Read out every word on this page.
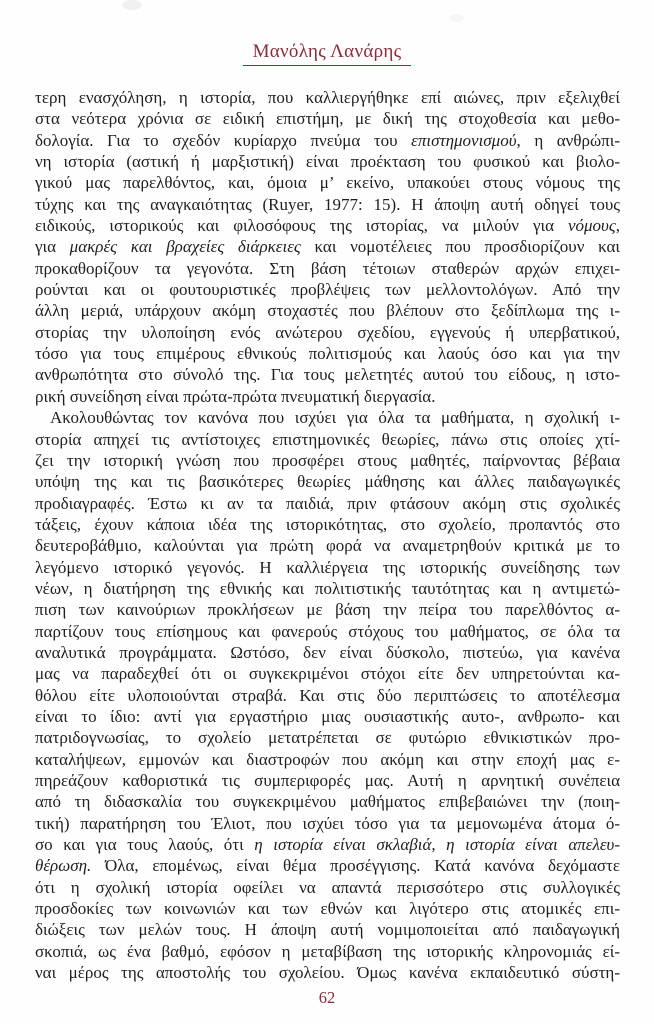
Μανόλης Λανάρης
τερη ενασχόληση, η ιστορία, που καλλιεργήθηκε επί αιώνες, πριν εξελιχθεί
στα νεότερα χρόνια σε ειδική επιστήμη, με δική της στοχοθεσία και μεθο-
δολογία. Για το σχεδόν κυρίαρχο πνεύμα του επιστημονισμού, η ανθρώπι-
νη ιστορία (αστική ή μαρξιστική) είναι προέκταση του φυσικού και βιολο-
γικού μας παρελθόντος, και, όμοια μ’ εκείνο, υπακούει στους νόμους της
τύχης και της αναγκαιότητας (Ruyer, 1977: 15). Η άποψη αυτή οδηγεί τους
ειδικούς, ιστορικούς και φιλοσόφους της ιστορίας, να μιλούν για νόμους,
για μακρές και βραχείες διάρκειες και νομοτέλειες που προσδιορίζουν και
προκαθορίζουν τα γεγονότα. Στη βάση τέτοιων σταθερών αρχών επιχει-
ρούνται και οι φουτουριστικές προβλέψεις των μελλοντολόγων. Από την
άλλη μεριά, υπάρχουν ακόμη στοχαστές που βλέπουν στο ξεδίπλωμα της ι-
στορίας την υλοποίηση ενός ανώτερου σχεδίου, εγγενούς ή υπερβατικού,
τόσο για τους επιμέρους εθνικούς πολιτισμούς και λαούς όσο και για την
ανθρωπότητα στο σύνολό της. Για τους μελετητές αυτού του είδους, η ιστο-
ρική συνείδηση είναι πρώτα-πρώτα πνευματική διεργασία.
Ακολουθώντας τον κανόνα που ισχύει για όλα τα μαθήματα, η σχολική ι-
στορία απηχεί τις αντίστοιχες επιστημονικές θεωρίες, πάνω στις οποίες χτί-
ζει την ιστορική γνώση που προσφέρει στους μαθητές, παίρνοντας βέβαια
υπόψη της και τις βασικότερες θεωρίες μάθησης και άλλες παιδαγωγικές
προδιαγραφές. Έστω κι αν τα παιδιά, πριν φτάσουν ακόμη στις σχολικές
τάξεις, έχουν κάποια ιδέα της ιστορικότητας, στο σχολείο, προπαντός στο
δευτεροβάθμιο, καλούνται για πρώτη φορά να αναμετρηθούν κριτικά με το
λεγόμενο ιστορικό γεγονός. Η καλλιέργεια της ιστορικής συνείδησης των
νέων, η διατήρηση της εθνικής και πολιτιστικής ταυτότητας και η αντιμετώ-
πιση των καινούριων προκλήσεων με βάση την πείρα του παρελθόντος α-
παρτίζουν τους επίσημους και φανερούς στόχους του μαθήματος, σε όλα τα
αναλυτικά προγράμματα. Ωστόσο, δεν είναι δύσκολο, πιστεύω, για κανένα
μας να παραδεχθεί ότι οι συγκεκριμένοι στόχοι είτε δεν υπηρετούνται κα-
θόλου είτε υλοποιούνται στραβά. Και στις δύο περιπτώσεις το αποτέλεσμα
είναι το ίδιο: αντί για εργαστήριο μιας ουσιαστικής αυτο-, ανθρωπο- και
πατριδογνωσίας, το σχολείο μετατρέπεται σε φυτώριο εθνικιστικών προ-
καταλήψεων, εμμονών και διαστροφών που ακόμη και στην εποχή μας ε-
πηρεάζουν καθοριστικά τις συμπεριφορές μας. Αυτή η αρνητική συνέπεια
από τη διδασκαλία του συγκεκριμένου μαθήματος επιβεβαιώνει την (ποιη-
τική) παρατήρηση του Έλιοτ, που ισχύει τόσο για τα μεμονωμένα άτομα ό-
σο και για τους λαούς, ότι η ιστορία είναι σκλαβιά, η ιστορία είναι απελευ-
θέρωση. Όλα, επομένως, είναι θέμα προσέγγισης. Κατά κανόνα δεχόμαστε
ότι η σχολική ιστορία οφείλει να απαντά περισσότερο στις συλλογικές
προσδοκίες των κοινωνιών και των εθνών και λιγότερο στις ατομικές επι-
διώξεις των μελών τους. Η άποψη αυτή νομιμοποιείται από παιδαγωγική
σκοπιά, ως ένα βαθμό, εφόσον η μεταβίβαση της ιστορικής κληρονομιάς εί-
ναι μέρος της αποστολής του σχολείου. Όμως κανένα εκπαιδευτικό σύστη-
62
